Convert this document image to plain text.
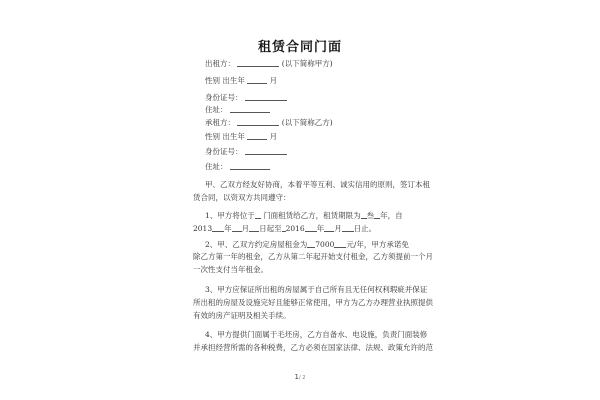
租赁合同门面
出租方：	(以下简称甲方)
性别 出生年	月
身份证号：
住址：
承租方：	(以下简称乙方)
性别 出生年	月
身份证号：
住址：
甲、乙双方经友好协商，本着平等互利、诚实信用的原则，签订本租
赁合同，以资双方共同遵守：
1、甲方将位于 门面租赁给乙方，租赁期限为 叁 年，自
2013 年 月 日起至 2016 年 月 日止。
2、甲、乙双方约定房屋租金为 7000 元/年，甲方承诺免
除乙方第一年的租金，乙方从第二年起开始支付租金，乙方须提前一个月
一次性支付当年租金。
3、甲方应保证所出租的房屋属于自己所有且无任何权利瑕疵并保证
所出租的房屋及设施完好且能够正常使用，甲方为乙方办理营业执照提供
有效的房产证明及相关手续。
4、甲方提供门面属于毛坯房，乙方自备水、电设施，负责门面装修
并承担经营所需的各种税费，乙方必须在国家法律、法规、政策允许的范
1/ 2
